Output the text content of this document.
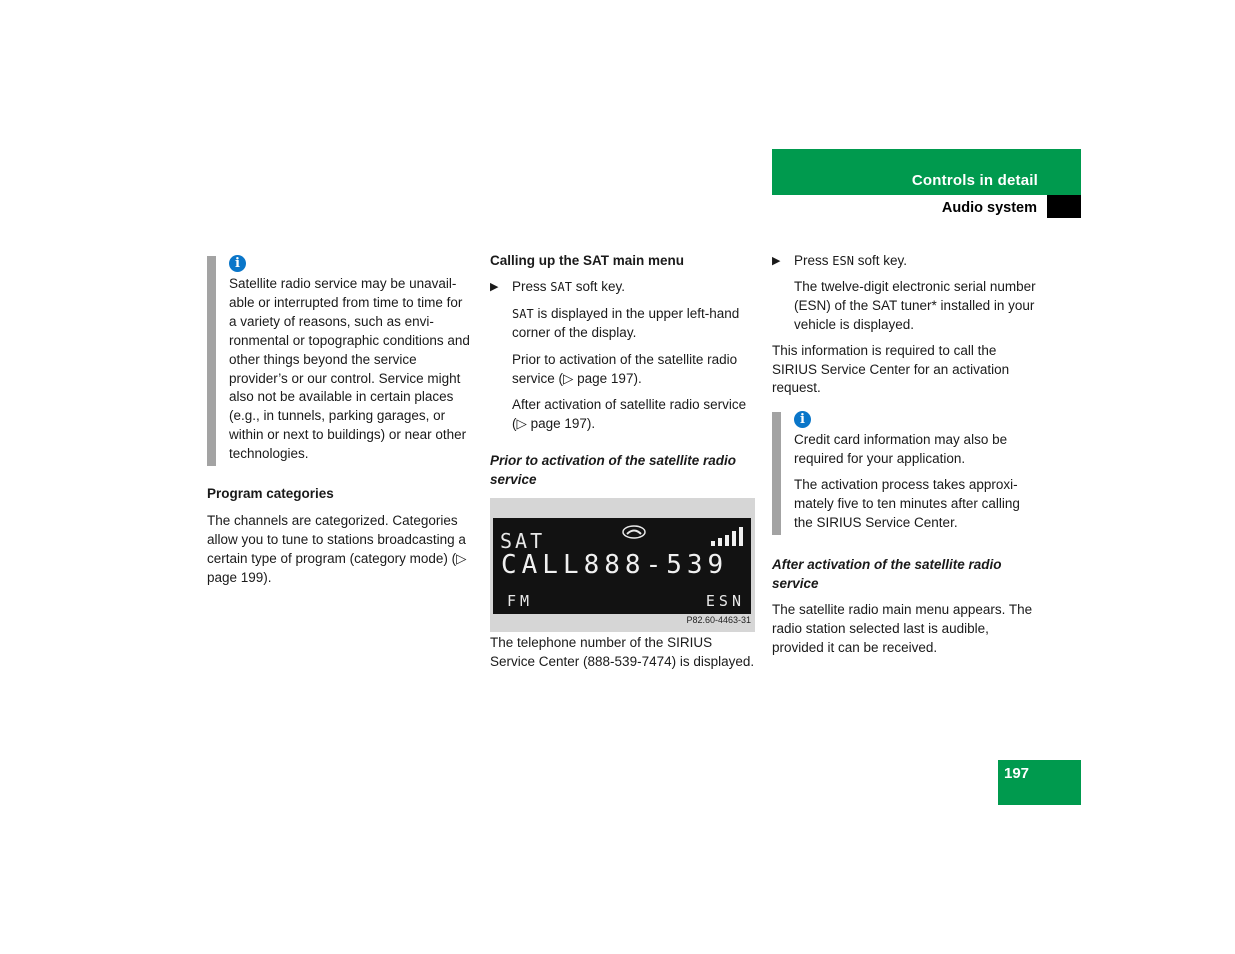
Controls in detail
Audio system
i

Satellite radio service may be unavail-able or interrupted from time to time for a variety of reasons, such as envi-ronmental or topographic conditions and other things beyond the service provider’s or our control. Service might also not be available in certain places (e.g., in tunnels, parking garages, or within or next to buildings) or near other technologies.

Program categories

The channels are categorized. Categories allow you to tune to stations broadcasting a certain type of program (category mode) (▷ page 199).

Calling up the SAT main menu

▶ Press SAT soft key.

SAT is displayed in the upper left-hand corner of the display.

Prior to activation of the satellite radio service (▷ page 197).

After activation of satellite radio service (▷ page 197).

Prior to activation of the satellite radio service

SAT
CALL888-539
FM	ESN
P82.60-4463-31

The telephone number of the SIRIUS Service Center (888-539-7474) is displayed.

▶ Press ESN soft key.

The twelve-digit electronic serial number (ESN) of the SAT tuner* installed in your vehicle is displayed.

This information is required to call the SIRIUS Service Center for an activation request.

i

Credit card information may also be required for your application.

The activation process takes approxi-mately five to ten minutes after calling the SIRIUS Service Center.

After activation of the satellite radio service

The satellite radio main menu appears. The radio station selected last is audible, provided it can be received.

197
